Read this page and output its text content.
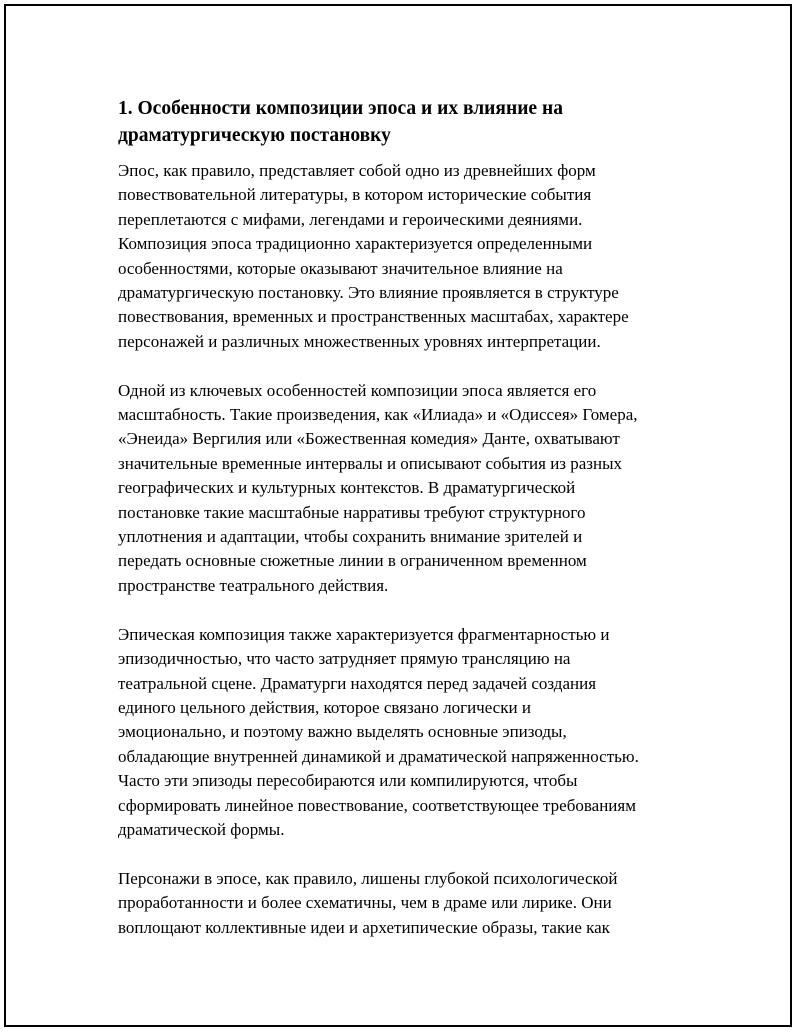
1. Особенности композиции эпоса и их влияние на
драматургическую постановку

Эпос, как правило, представляет собой одно из древнейших форм
повествовательной литературы, в котором исторические события
переплетаются с мифами, легендами и героическими деяниями.
Композиция эпоса традиционно характеризуется определенными
особенностями, которые оказывают значительное влияние на
драматургическую постановку. Это влияние проявляется в структуре
повествования, временных и пространственных масштабах, характере
персонажей и различных множественных уровнях интерпретации.

Одной из ключевых особенностей композиции эпоса является его
масштабность. Такие произведения, как «Илиада» и «Одиссея» Гомера,
«Энеида» Вергилия или «Божественная комедия» Данте, охватывают
значительные временные интервалы и описывают события из разных
географических и культурных контекстов. В драматургической
постановке такие масштабные нарративы требуют структурного
уплотнения и адаптации, чтобы сохранить внимание зрителей и
передать основные сюжетные линии в ограниченном временном
пространстве театрального действия.

Эпическая композиция также характеризуется фрагментарностью и
эпизодичностью, что часто затрудняет прямую трансляцию на
театральной сцене. Драматурги находятся перед задачей создания
единого цельного действия, которое связано логически и
эмоционально, и поэтому важно выделять основные эпизоды,
обладающие внутренней динамикой и драматической напряженностью.
Часто эти эпизоды пересобираются или компилируются, чтобы
сформировать линейное повествование, соответствующее требованиям
драматической формы.

Персонажи в эпосе, как правило, лишены глубокой психологической
проработанности и более схематичны, чем в драме или лирике. Они
воплощают коллективные идеи и архетипические образы, такие как
